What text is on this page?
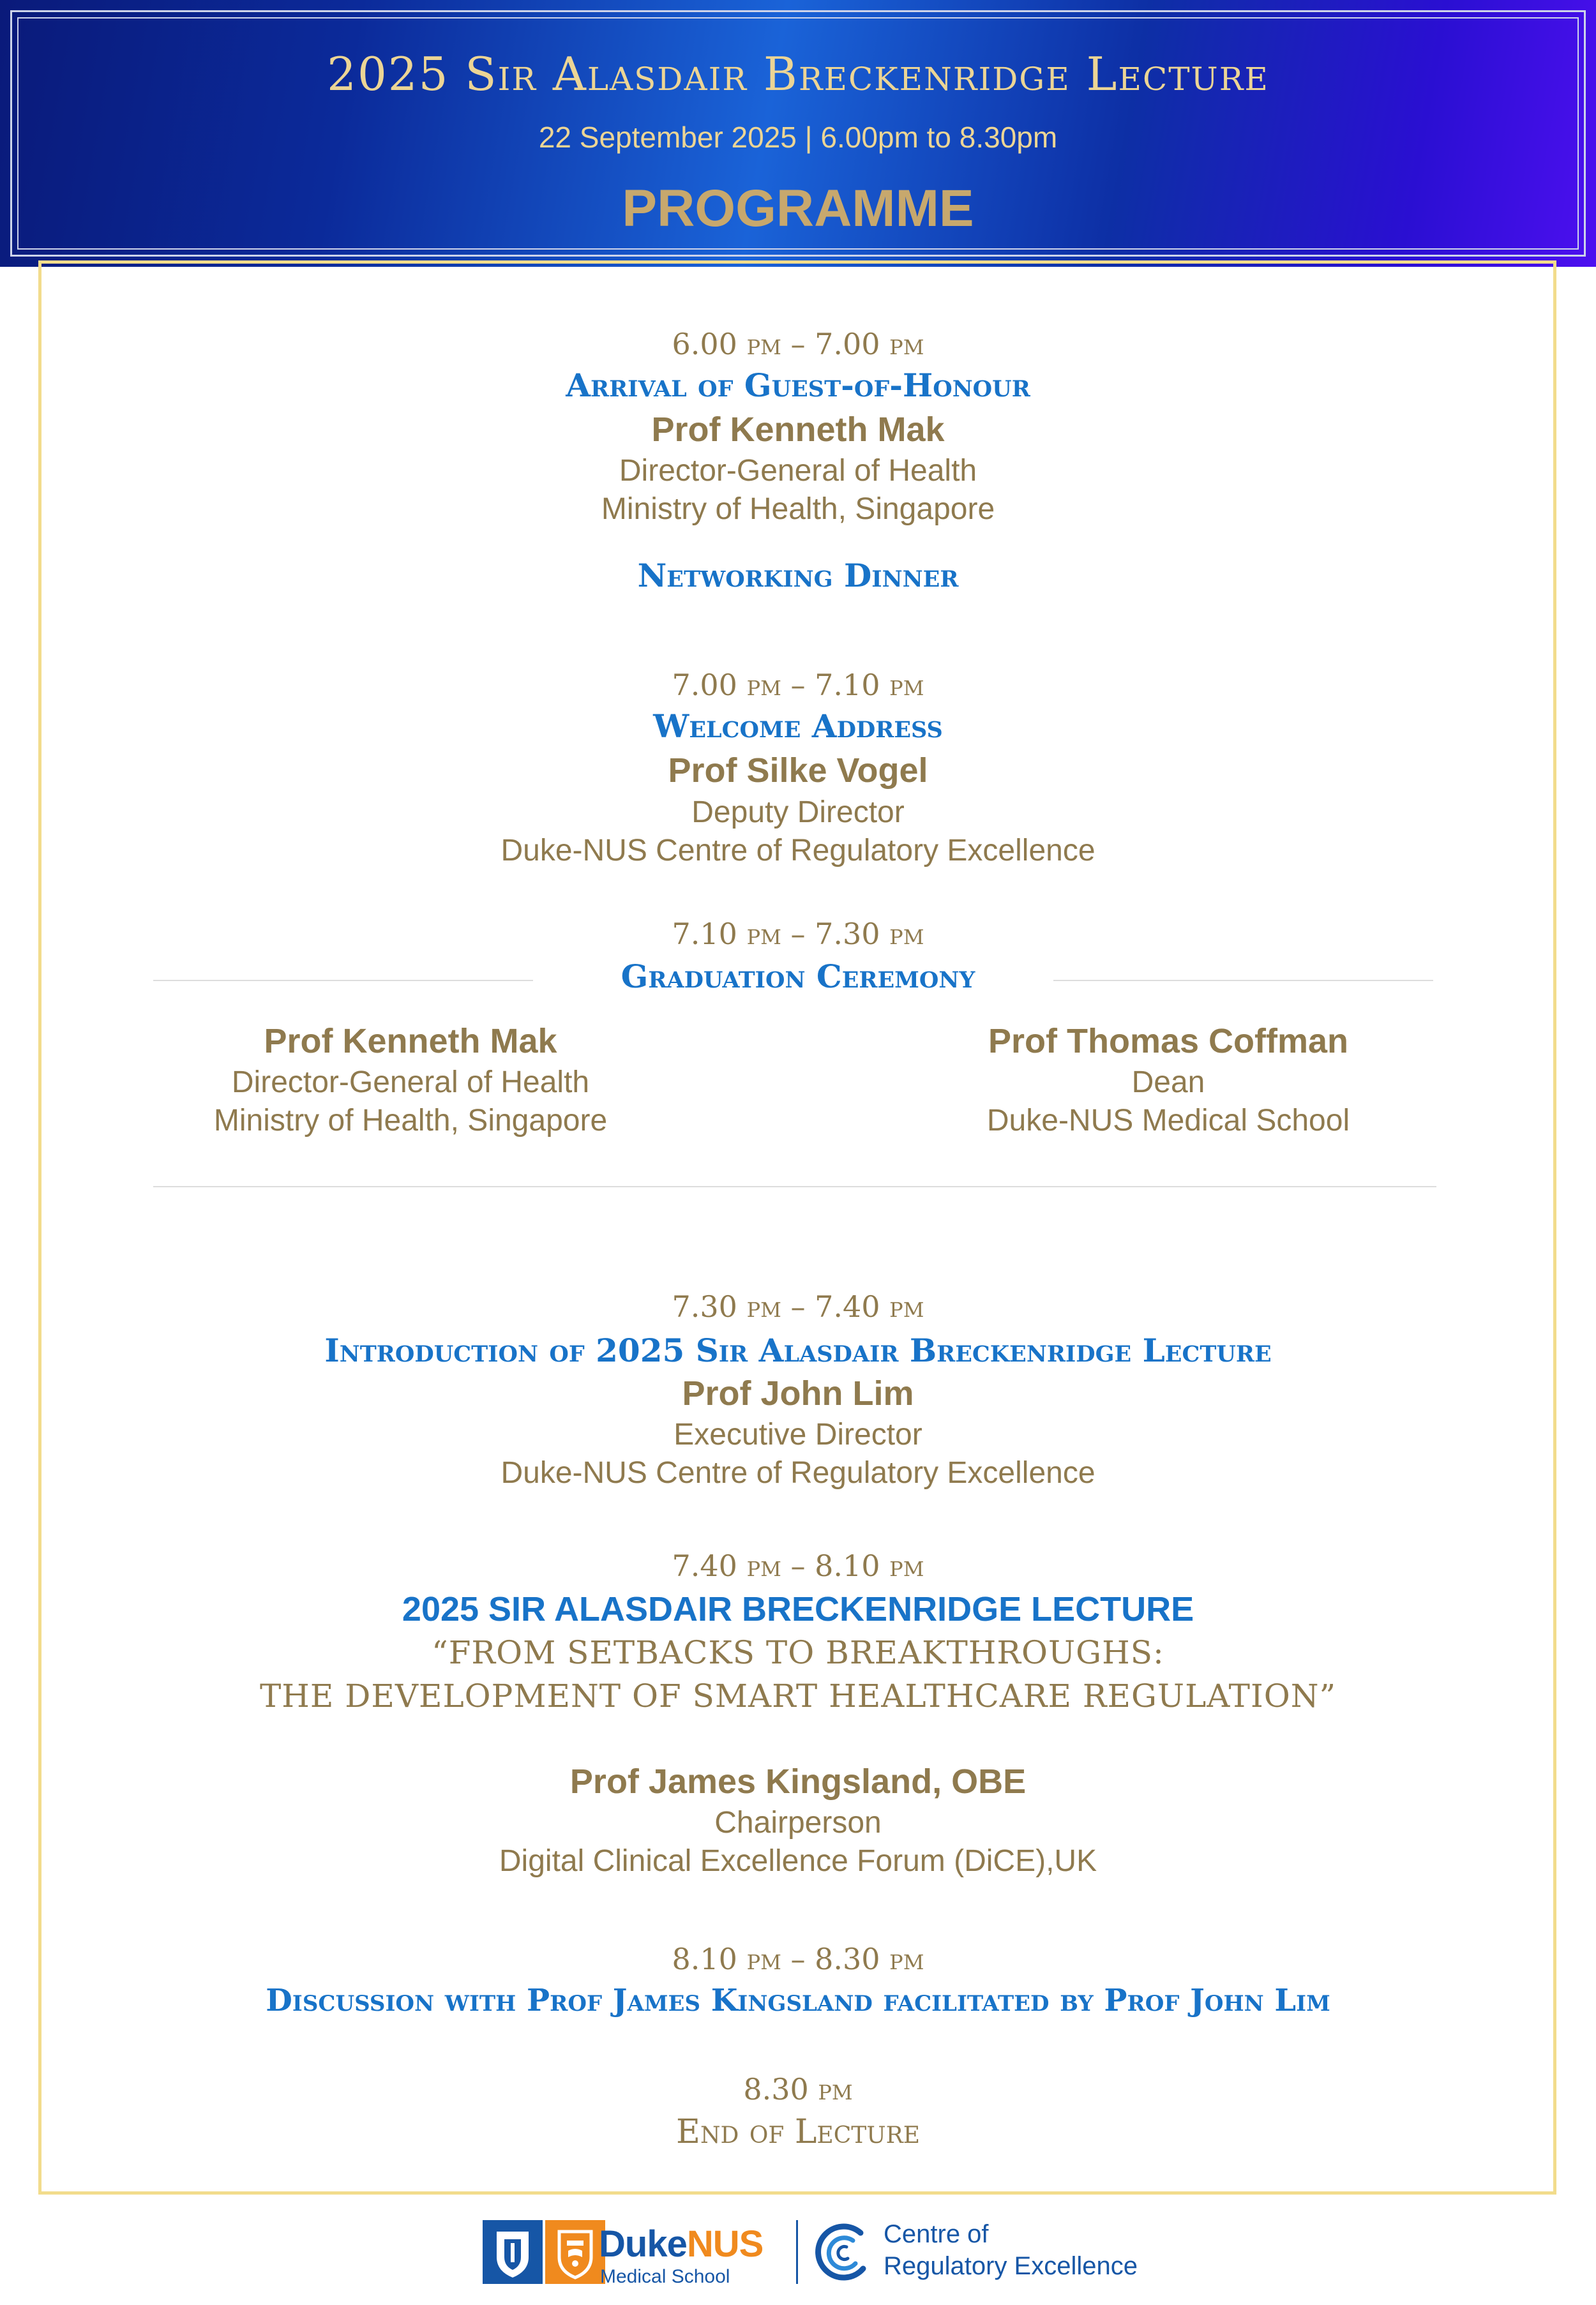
2025 Sir Alasdair Breckenridge Lecture
22 September 2025 | 6.00pm to 8.30pm
PROGRAMME
6.00 pm – 7.00 pm
Arrival of Guest-of-Honour
Prof Kenneth Mak
Director-General of Health
Ministry of Health, Singapore
Networking Dinner
7.00 pm – 7.10 pm
Welcome Address
Prof Silke Vogel
Deputy Director
Duke-NUS Centre of Regulatory Excellence
7.10 pm – 7.30 pm
Graduation Ceremony
Prof Kenneth Mak
Director-General of Health
Ministry of Health, Singapore
Prof Thomas Coffman
Dean
Duke-NUS Medical School
7.30 pm – 7.40 pm
Introduction of 2025 Sir Alasdair Breckenridge Lecture
Prof John Lim
Executive Director
Duke-NUS Centre of Regulatory Excellence
7.40 pm – 8.10 pm
2025 SIR ALASDAIR BRECKENRIDGE LECTURE
“FROM SETBACKS TO BREAKTHROUGHS:
THE DEVELOPMENT OF SMART HEALTHCARE REGULATION”
Prof James Kingsland, OBE
Chairperson
Digital Clinical Excellence Forum (DiCE),UK
8.10 pm – 8.30 pm
Discussion with Prof James Kingsland facilitated by Prof John Lim
8.30 pm
End of Lecture
DukeNUS
Medical School
Centre of
Regulatory Excellence
